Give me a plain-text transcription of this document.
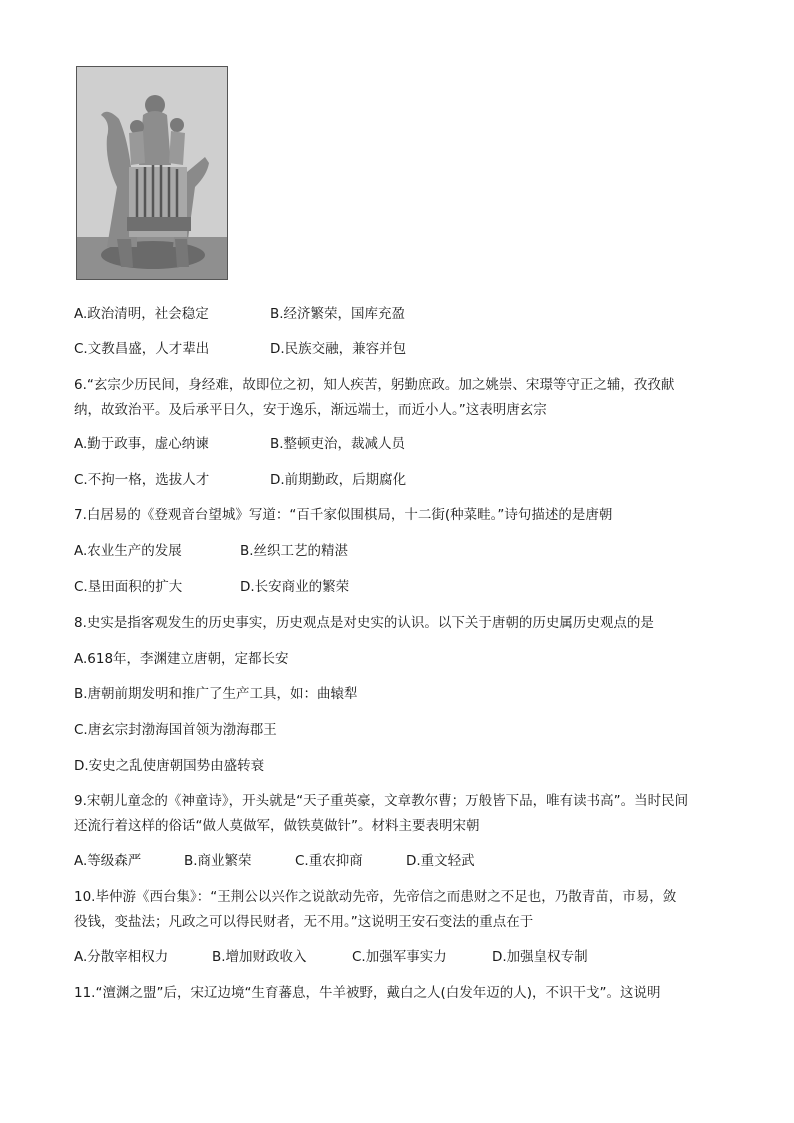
A.政治清明，社会稳定	B.经济繁荣，国库充盈
C.文教昌盛，人才辈出	D.民族交融，兼容并包
6.“玄宗少历民间，身经难，故即位之初，知人疾苦，躬勤庶政。加之姚崇、宋璟等守正之辅，孜孜献
纳，故致治平。及后承平日久，安于逸乐，渐远端士，而近小人。”这表明唐玄宗
A.勤于政事，虚心纳谏	B.整顿吏治，裁减人员
C.不拘一格，选拔人才	D.前期勤政，后期腐化
7.白居易的《登观音台望城》写道：“百千家似围棋局，十二街(种菜畦。”诗句描述的是唐朝
A.农业生产的发展	B.丝织工艺的精湛
C.垦田面积的扩大	D.长安商业的繁荣
8.史实是指客观发生的历史事实，历史观点是对史实的认识。以下关于唐朝的历史属历史观点的是
A.618年，李渊建立唐朝，定都长安
B.唐朝前期发明和推广了生产工具，如：曲辕犁
C.唐玄宗封渤海国首领为渤海郡王
D.安史之乱使唐朝国势由盛转衰
9.宋朝儿童念的《神童诗》，开头就是“天子重英豪，文章教尔曹；万般皆下品，唯有读书高”。当时民间
还流行着这样的俗话“做人莫做军，做铁莫做针”。材料主要表明宋朝
A.等级森严	B.商业繁荣	C.重农抑商	D.重文轻武
10.毕仲游《西台集》：“王荆公以兴作之说歆动先帝，先帝信之而患财之不足也，乃散青苗，市易，敛
役钱，变盐法；凡政之可以得民财者，无不用。”这说明王安石变法的重点在于
A.分散宰相权力	B.增加财政收入	C.加强军事实力	D.加强皇权专制
11.“澶渊之盟”后，宋辽边境“生育蕃息，牛羊被野，戴白之人(白发年迈的人)，不识干戈”。这说明
